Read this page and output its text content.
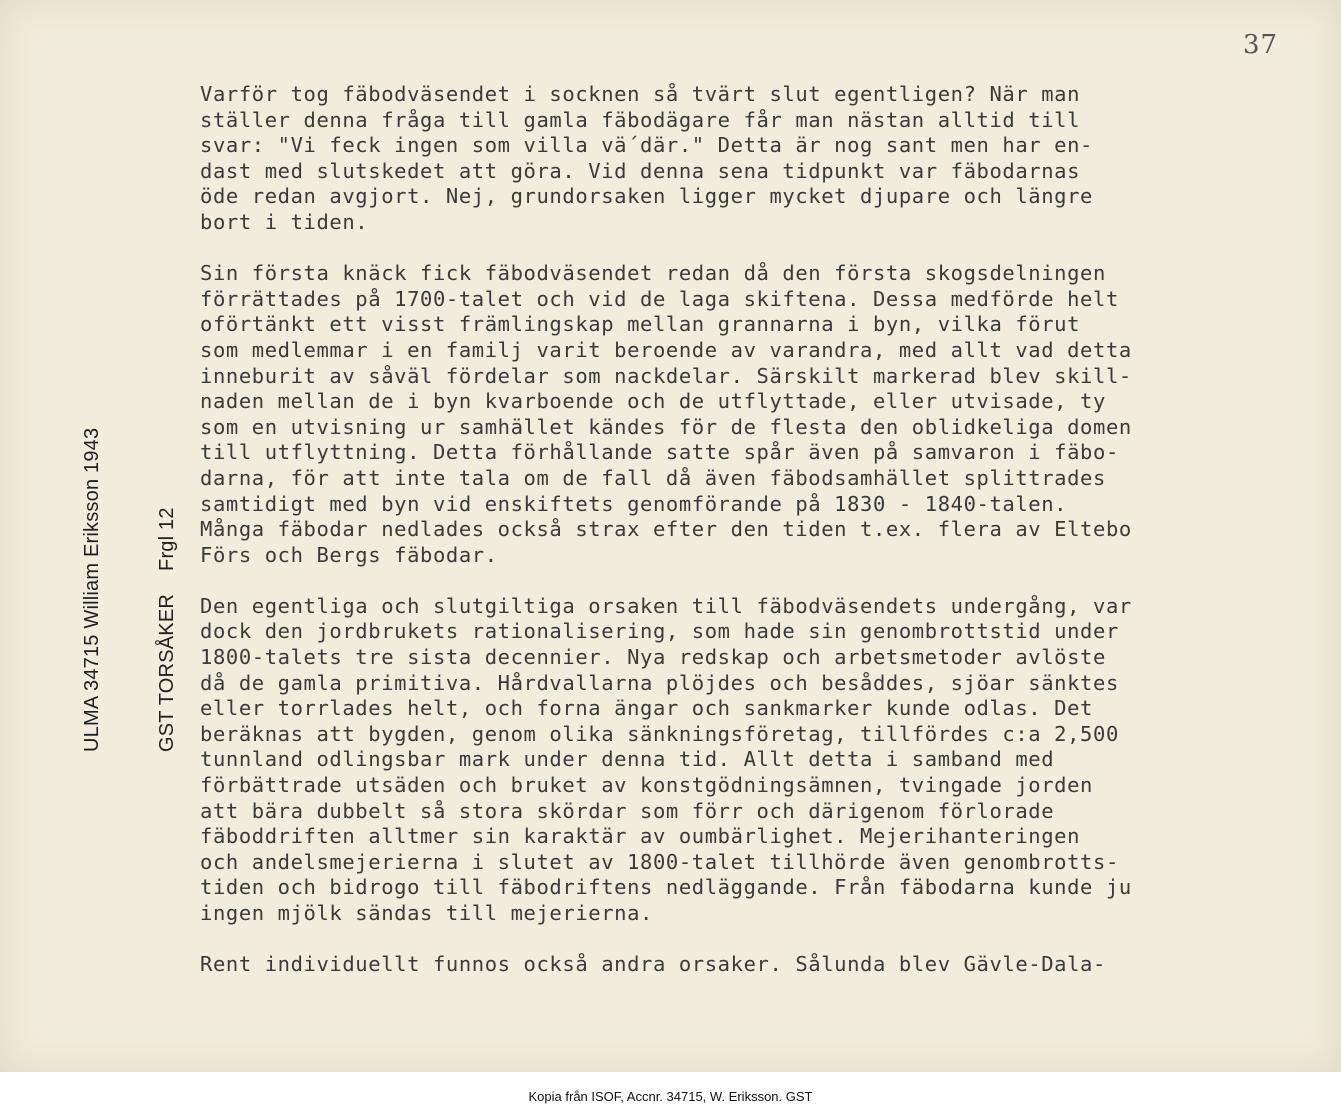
37

ULMA 34715 William Eriksson 1943

	GST TORSÅKER    Frgl 12

Varför tog fäbodväsendet i socknen så tvärt slut egentligen? När man
ställer denna fråga till gamla fäbodägare får man nästan alltid till
svar: "Vi feck ingen som villa vä´där." Detta är nog sant men har en-
dast med slutskedet att göra. Vid denna sena tidpunkt var fäbodarnas
öde redan avgjort. Nej, grundorsaken ligger mycket djupare och längre
bort i tiden.
Sin första knäck fick fäbodväsendet redan då den första skogsdelningen
förrättades på 1700-talet och vid de laga skiftena. Dessa medförde helt
oförtänkt ett visst främlingskap mellan grannarna i byn, vilka förut
som medlemmar i en familj varit beroende av varandra, med allt vad detta
inneburit av såväl fördelar som nackdelar. Särskilt markerad blev skill-
naden mellan de i byn kvarboende och de utflyttade, eller utvisade, ty
som en utvisning ur samhället kändes för de flesta den oblidkeliga domen
till utflyttning. Detta förhållande satte spår även på samvaron i fäbo-
darna, för att inte tala om de fall då även fäbodsamhället splittrades
samtidigt med byn vid enskiftets genomförande på 1830 - 1840-talen.
Många fäbodar nedlades också strax efter den tiden t.ex. flera av Eltebo
Förs och Bergs fäbodar.
Den egentliga och slutgiltiga orsaken till fäbodväsendets undergång, var
dock den jordbrukets rationalisering, som hade sin genombrottstid under
1800-talets tre sista decennier. Nya redskap och arbetsmetoder avlöste
då de gamla primitiva. Hårdvallarna plöjdes och besåddes, sjöar sänktes
eller torrlades helt, och forna ängar och sankmarker kunde odlas. Det
beräknas att bygden, genom olika sänkningsföretag, tillfördes c:a 2,500
tunnland odlingsbar mark under denna tid. Allt detta i samband med
förbättrade utsäden och bruket av konstgödningsämnen, tvingade jorden
att bära dubbelt så stora skördar som förr och därigenom förlorade
fäboddriften alltmer sin karaktär av oumbärlighet. Mejerihanteringen
och andelsmejerierna i slutet av 1800-talet tillhörde även genombrotts-
tiden och bidrogo till fäbodriftens nedläggande. Från fäbodarna kunde ju
ingen mjölk sändas till mejerierna.
Rent individuellt funnos också andra orsaker. Sålunda blev Gävle-Dala-
Kopia från ISOF, Accnr. 34715, W. Eriksson. GST
